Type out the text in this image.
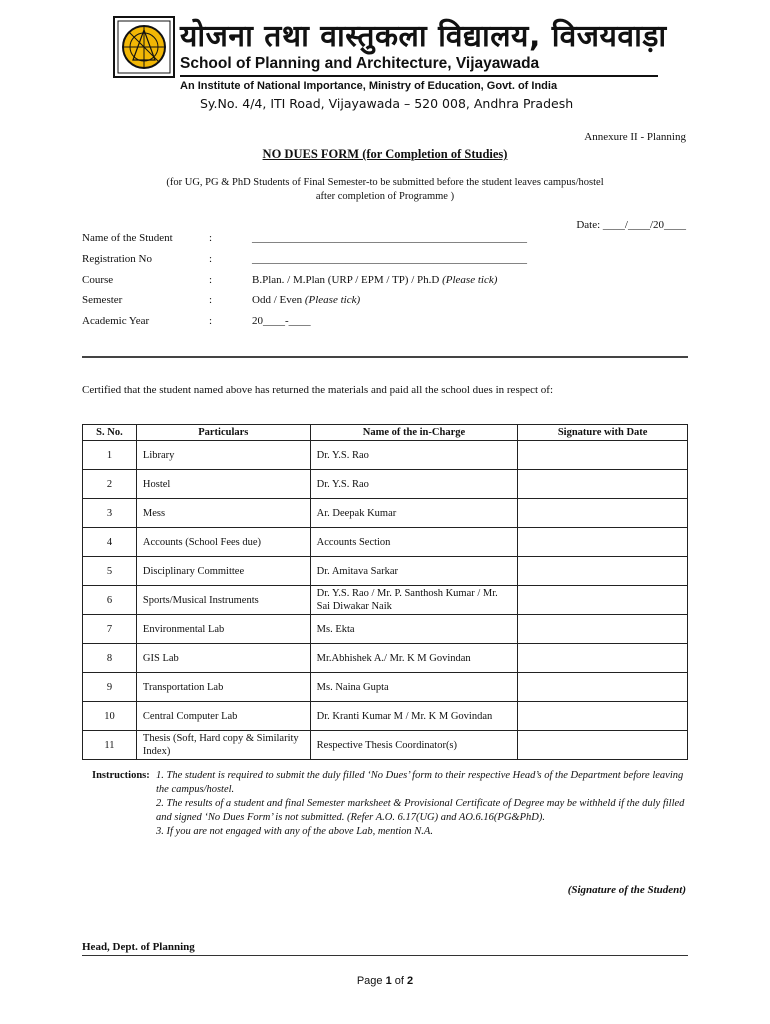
योजना तथा वास्तुकला विद्यालय, विजयवाड़ा
School of Planning and Architecture, Vijayawada
An Institute of National Importance, Ministry of Education, Govt. of India
Sy.No. 4/4, ITI Road, Vijayawada – 520 008, Andhra Pradesh
Annexure II - Planning
NO DUES FORM (for Completion of Studies)
(for UG, PG & PhD Students of Final Semester-to be submitted before the student leaves campus/hostel
after completion of Programme )
Date: ____/____/20____
Name of the Student	:	__________________________________________________
Registration No	:	__________________________________________________
Course	:	B.Plan. / M.Plan (URP / EPM / TP) / Ph.D (Please tick)
Semester	:	Odd / Even (Please tick)
Academic Year	:	20____-____
Certified that the student named above has returned the materials and paid all the school dues in respect of:
S. No.	Particulars	Name of the in-Charge	Signature with Date
1	Library	Dr. Y.S. Rao	
2	Hostel	Dr. Y.S. Rao	
3	Mess	Ar. Deepak Kumar	
4	Accounts (School Fees due)	Accounts Section	
5	Disciplinary Committee	Dr. Amitava Sarkar	
6	Sports/Musical Instruments	Dr. Y.S. Rao / Mr. P. Santhosh Kumar / Mr. Sai Diwakar Naik	
7	Environmental Lab	Ms. Ekta	
8	GIS Lab	Mr.Abhishek A./ Mr. K M Govindan	
9	Transportation Lab	Ms. Naina Gupta	
10	Central Computer Lab	Dr. Kranti Kumar M / Mr. K M Govindan	
11	Thesis (Soft, Hard copy & Similarity Index)	Respective Thesis Coordinator(s)	
Instructions: 1. The student is required to submit the duly filled ‘No Dues’ form to their respective Head’s of the Department before leaving the campus/hostel.
2. The results of a student and final Semester marksheet & Provisional Certificate of Degree may be withheld if the duly filled and signed ‘No Dues Form’ is not submitted. (Refer A.O. 6.17(UG) and AO.6.16(PG&PhD).
3. If you are not engaged with any of the above Lab, mention N.A.
(Signature of the Student)
Head, Dept. of Planning
Page 1 of 2
